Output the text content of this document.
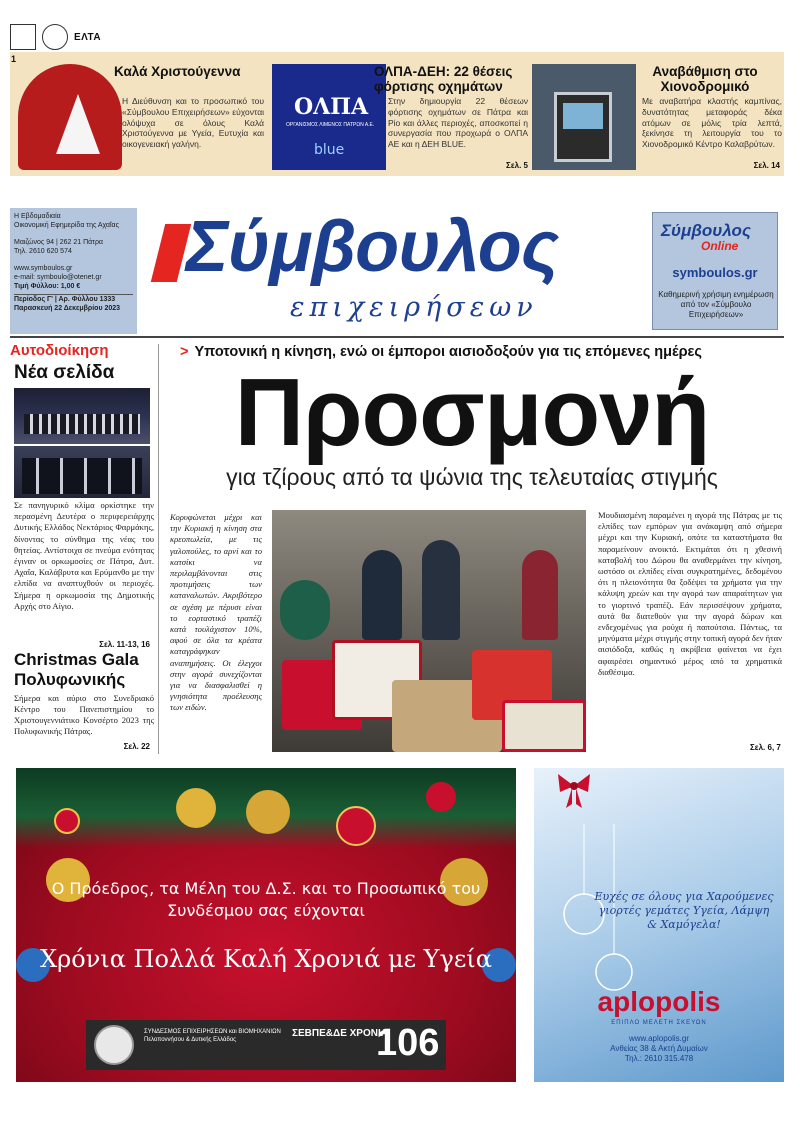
ΕΛΤΑ
1
Καλά Χριστούγεννα
Η Διεύθυνση και το προσωπικό του «Σύμβουλου Επιχειρήσεων» εύχονται ολόψυχα σε όλους Καλά Χριστούγεννα με Υγεία, Ευτυχία και οικογενειακή γαλήνη.
ΟΛΠΑ
ΟΡΓΑΝΙΣΜΟΣ ΛΙΜΕΝΟΣ ΠΑΤΡΩΝ Α.Ε.
blue
ΟΛΠΑ-ΔΕΗ: 22 θέσεις φόρτισης οχημάτων
Στην δημιουργία 22 θέσεων φόρτισης οχημάτων σε Πάτρα και Ρίο και άλλες περιοχές, αποσκοπεί η συνεργασία που προχωρά ο ΟΛΠΑ ΑΕ και η ΔΕΗ BLUE.
Σελ. 5
Αναβάθμιση στο Χιονοδρομικό
Με αναβατήρα κλαστής καμπίνας, δυνατότητας μεταφοράς δέκα ατόμων σε μόλις τρία λεπτά, ξεκίνησε τη λειτουργία του το Χιονοδρομικό Κέντρο Καλαβρύτων.
Σελ. 14
Η Εβδομαδιαία
Οικονομική Εφημερίδα της Αχαΐας
Μαιζώνος 94 | 262 21 Πάτρα
Τηλ. 2610 620 574
www.symboulos.gr
e-mail: symboulo@otenet.gr
Τιμή Φύλλου: 1,00 €
Περίοδος Γ' | Αρ. Φύλλου 1333
Παρασκευή 22 Δεκεμβρίου 2023
Σύμβουλος
επιχειρήσεων
Σύμβουλος
Online
symboulos.gr
Καθημερινή χρήσιμη ενημέρωση από τον «Σύμβουλο Επιχειρήσεων»
Αυτοδιοίκηση
Νέα σελίδα
Σε πανηγυρικό κλίμα ορκίστηκε την περασμένη Δευτέρα ο περιφερειάρχης Δυτικής Ελλάδος Νεκτάριος Φαρμάκης, δίνοντας το σύνθημα της νέας του θητείας. Αντίστοιχα σε πνεύμα ενότητας έγιναν οι ορκωμοσίες σε Πάτρα, Δυτ. Αχαΐα, Καλάβρυτα και Ερύμανθο με την ελπίδα να αναπτυχθούν οι περιοχές. Σήμερα η ορκωμοσία της Δημοτικής Αρχής στο Αίγιο.
Σελ. 11-13, 16
Christmas Gala Πολυφωνικής
Σήμερα και αύριο στο Συνεδριακό Κέντρο του Πανεπιστημίου το Χριστουγεννιάτικο Κονσέρτο 2023 της Πολυφωνικής Πάτρας.
Σελ. 22
> Υποτονική η κίνηση, ενώ οι έμποροι αισιοδοξούν για τις επόμενες ημέρες
Προσμονή
για τζίρους από τα ψώνια της τελευταίας στιγμής
Κορυφώνεται μέχρι και την Κυριακή η κίνηση στα κρεοπωλεία, με τις γαλοπούλες, το αρνί και το κατσίκι να περιλαμβάνονται στις προτιμήσεις των καταναλωτών. Ακριβότερο σε σχέση με πέρυσι είναι το εορταστικό τραπέζι κατά τουλάχιστον 10%, αφού σε όλα τα κρέατα καταγράφηκαν αναπημήσεις. Οι έλεγχοι στην αγορά συνεχίζονται για να διασφαλισθεί η γνησιότητα προέλευσης των ειδών.
Μουδιασμένη παραμένει η αγορά της Πάτρας με τις ελπίδες των εμπόρων για ανάκαμψη από σήμερα μέχρι και την Κυριακή, οπότε τα καταστήματα θα παραμείνουν ανοικτά. Εκτιμάται ότι η χθεσινή καταβολή του Δώρου θα αναθερμάνει την κίνηση, ωστόσο οι ελπίδες είναι συγκρατημένες, δεδομένου ότι η πλειονότητα θα ξοδέψει τα χρήματα για την κάλυψη χρεών και την αγορά των απαραίτητων για το γιορτινό τραπέζι. Εάν περισσέψουν χρήματα, αυτά θα διατεθούν για την αγορά δώρων και ενδεχομένως για ρούχα ή παπούτσια. Πάντως, τα μηνύματα μέχρι στιγμής στην τοπική αγορά δεν ήταν αισιόδοξα, καθώς η ακρίβεια φαίνεται να έχει αφαιρέσει σημαντικό μέρος από τα χρηματικά διαθέσιμα.
Σελ. 6, 7
Ο Πρόεδρος, τα Μέλη του Δ.Σ. και το Προσωπικό του Συνδέσμου σας εύχονται
Χρόνια Πολλά Καλή Χρονιά με Υγεία
ΣΥΝΔΕΣΜΟΣ ΕΠΙΧΕΙΡΗΣΕΩΝ και ΒΙΟΜΗΧΑΝΙΩΝ Πελοποννήσου & Δυτικής Ελλάδος
ΣΕΒΠΕ&ΔΕ ΧΡΟΝΙΑ
106
Ευχές σε όλους για Χαρούμενες γιορτές γεμάτες Υγεία, Λάμψη & Χαμόγελα!
aplopolis
ΕΠΙΠΛΟ ΜΕΛΕΤΗ ΣΚΕΥΩΝ
www.aplopolis.gr
Ανθείας 38 & Ακτή Δυμαίων
Τηλ.: 2610 315.478
